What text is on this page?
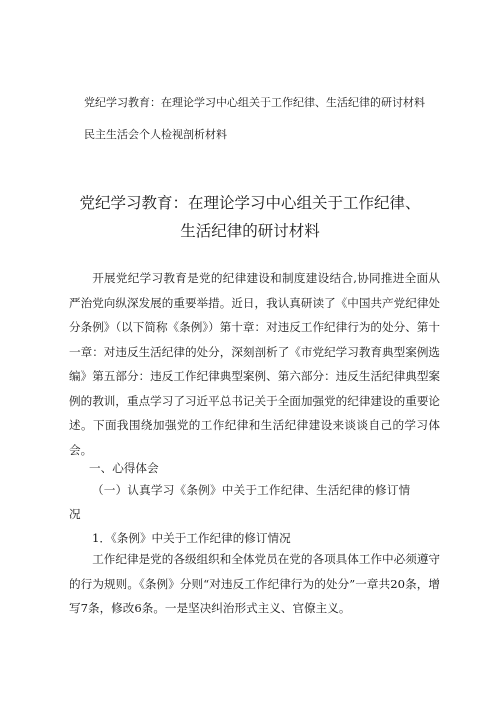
党纪学习教育：在理论学习中心组关于工作纪律、生活纪律的研讨材料
民主生活会个人检视剖析材料
党纪学习教育：在理论学习中心组关于工作纪律、
生活纪律的研讨材料

开展党纪学习教育是党的纪律建设和制度建设结合,协同推进全面从严治党向纵深发展的重要举措。近日，我认真研读了《中国共产党纪律处分条例》（以下简称《条例》）第十章：对违反工作纪律行为的处分、第十一章：对违反生活纪律的处分，深刻剖析了《市党纪学习教育典型案例选编》第五部分：违反工作纪律典型案例、第六部分：违反生活纪律典型案例的教训，重点学习了习近平总书记关于全面加强党的纪律建设的重要论述。下面我围绕加强党的工作纪律和生活纪律建设来谈谈自己的学习体会。

一、心得体会
（一）认真学习《条例》中关于工作纪律、生活纪律的修订情
况
1．《条例》中关于工作纪律的修订情况

工作纪律是党的各级组织和全体党员在党的各项具体工作中必须遵守的行为规则。《条例》分则“对违反工作纪律行为的处分”一章共20条，增写7条，修改6条。一是坚决纠治形式主义、官僚主义。
